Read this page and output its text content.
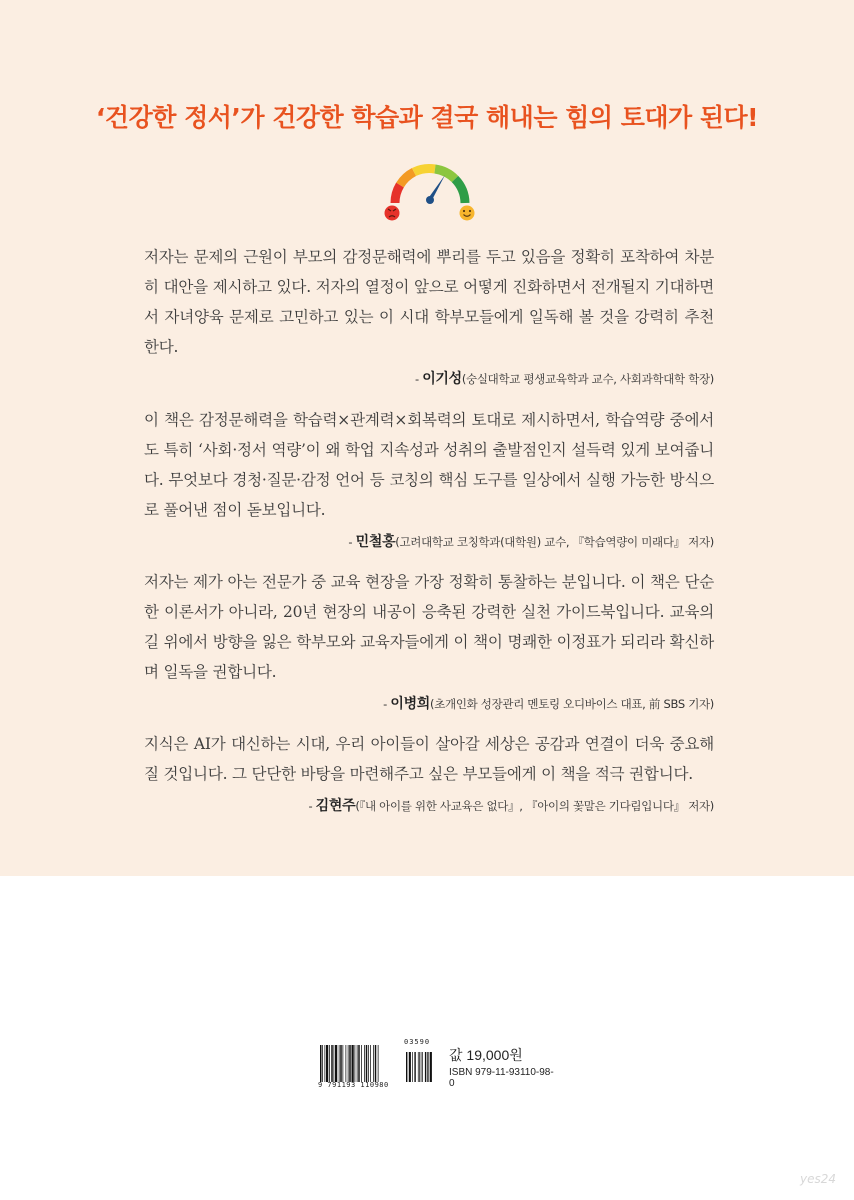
‘건강한 정서’가 건강한 학습과 결국 해내는 힘의 토대가 된다!

저자는 문제의 근원이 부모의 감정문해력에 뿌리를 두고 있음을 정확히 포착하여 차분히 대안을 제시하고 있다. 저자의 열정이 앞으로 어떻게 진화하면서 전개될지 기대하면서 자녀양육 문제로 고민하고 있는 이 시대 학부모들에게 일독해 볼 것을 강력히 추천한다.

- 이기성(숭실대학교 평생교육학과 교수, 사회과학대학 학장)

이 책은 감정문해력을 학습력×관계력×회복력의 토대로 제시하면서, 학습역량 중에서도 특히 ‘사회·정서 역량’이 왜 학업 지속성과 성취의 출발점인지 설득력 있게 보여줍니다. 무엇보다 경청·질문·감정 언어 등 코칭의 핵심 도구를 일상에서 실행 가능한 방식으로 풀어낸 점이 돋보입니다.

- 민철홍(고려대학교 코칭학과(대학원) 교수, 『학습역량이 미래다』 저자)

저자는 제가 아는 전문가 중 교육 현장을 가장 정확히 통찰하는 분입니다. 이 책은 단순한 이론서가 아니라, 20년 현장의 내공이 응축된 강력한 실천 가이드북입니다. 교육의 길 위에서 방향을 잃은 학부모와 교육자들에게 이 책이 명쾌한 이정표가 되리라 확신하며 일독을 권합니다.

- 이병희(초개인화 성장관리 멘토링 오디바이스 대표, 前 SBS 기자)

지식은 AI가 대신하는 시대, 우리 아이들이 살아갈 세상은 공감과 연결이 더욱 중요해질 것입니다. 그 단단한 바탕을 마련해주고 싶은 부모들에게 이 책을 적극 권합니다.

- 김현주(『내 아이를 위한 사교육은 없다』, 『아이의 꽃말은 기다림입니다』 저자)
03590
9 791193 110980
값 19,000원
ISBN 979-11-93110-98-0
yes24
